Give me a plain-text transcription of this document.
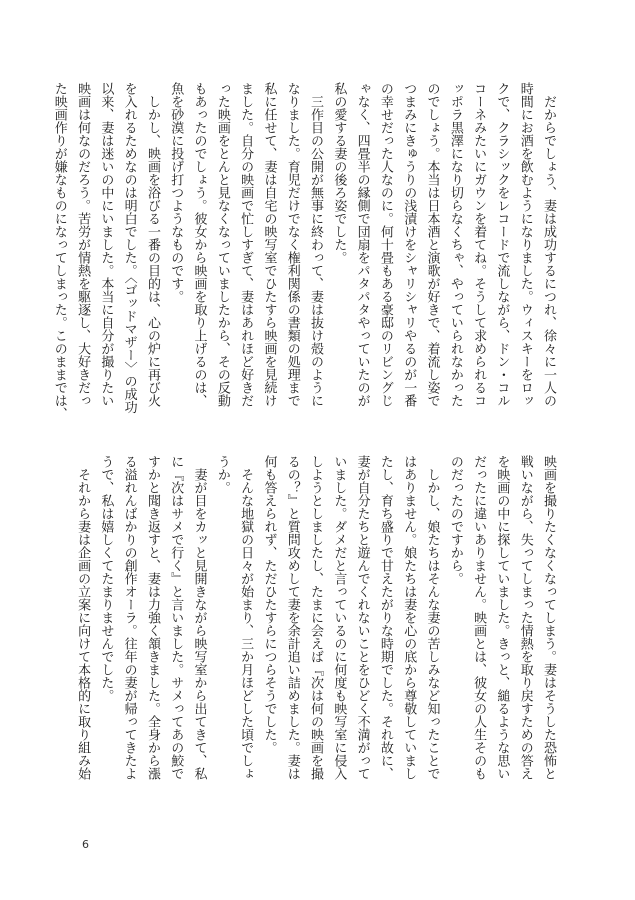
　だからでしょう、妻は成功するにつれ、徐々に一人の
時間にお酒を飲むようになりました。ウィスキーをロッ
クで、クラシックをレコードで流しながら、ドン・コル
コーネみたいにガウンを着てね。そうして求められるコ
ッポラ黒澤になり切らなくちゃ、やっていられなかった
のでしょう。本当は日本酒と演歌が好きで、着流し姿で
つまみにきゅうりの浅漬けをシャリシャリやるのが一番
の幸せだった人なのに。何十畳もある豪邸のリビングじ
ゃなく、四畳半の縁側で団扇をパタパタやっていたのが
私の愛する妻の後ろ姿でした。
　三作目の公開が無事に終わって、妻は抜け殻のように
なりました。育児だけでなく権利関係の書類の処理まで
私に任せて、妻は自宅の映写室でひたすら映画を見続け
ました。自分の映画で忙しすぎて、妻はあれほど好きだ
った映画をとんと見なくなっていましたから、その反動
もあったのでしょう。彼女から映画を取り上げるのは、
魚を砂漠に投げ打つようなものです。
　しかし、映画を浴びる一番の目的は、心の炉に再び火
を入れるためなのは明白でした。〈ゴッドマザー〉の成功
以来、妻は迷いの中にいました。本当に自分が撮りたい
映画は何なのだろう。苦労が情熱を駆逐し、大好きだっ
た映画作りが嫌なものになってしまった。このままでは、
映画を撮りたくなくなってしまう。妻はそうした恐怖と
戦いながら、失ってしまった情熱を取り戻すための答え
を映画の中に探していました。きっと、縋るような思い
だったに違いありません。映画とは、彼女の人生そのも
のだったのですから。
　しかし、娘たちはそんな妻の苦しみなど知ったことで
はありません。娘たちは妻を心の底から尊敬していまし
たし、育ち盛りで甘えたがりな時期でした。それ故に、
妻が自分たちと遊んでくれないことをひどく不満がって
いました。ダメだと言っているのに何度も映写室に侵入
しようとしましたし、たまに会えば『次は何の映画を撮
るの？』と質問攻めして妻を余計追い詰めました。妻は
何も答えられず、ただひたすらにつらそうでした。
　そんな地獄の日々が始まり、三か月ほどした頃でしょ
うか。
　妻が目をカッと見開きながら映写室から出てきて、私
に『次はサメで行く』と言いました。サメってあの鮫で
すかと聞き返すと、妻は力強く頷きました。全身から漲
る溢れんばかりの創作オーラ。往年の妻が帰ってきたよ
うで、私は嬉しくてたまりませんでした。
　それから妻は企画の立案に向けて本格的に取り組み始
6
